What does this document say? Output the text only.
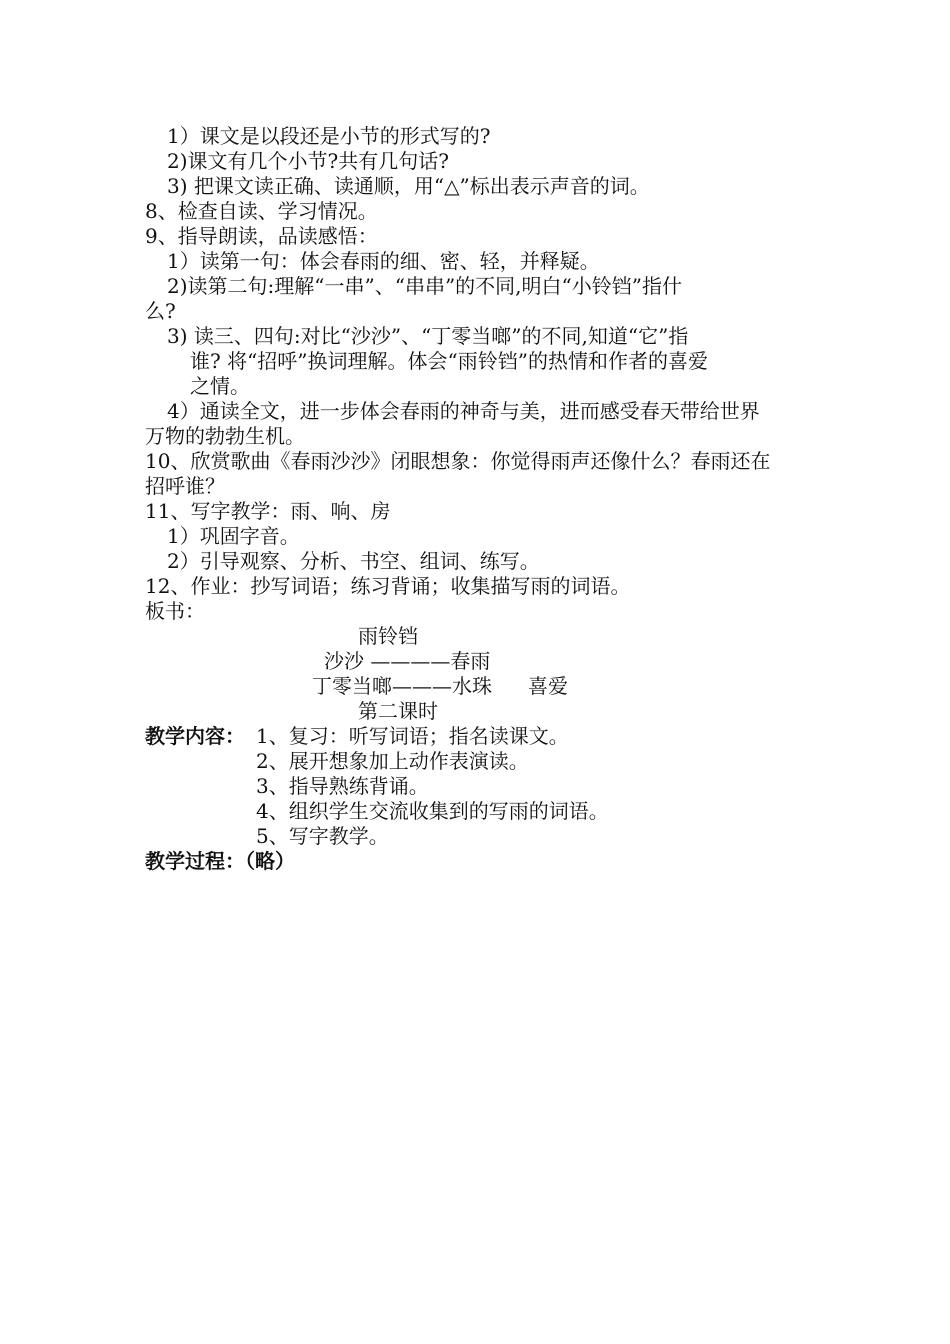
1）课文是以段还是小节的形式写的?
2)课文有几个小节?共有几句话?
3) 把课文读正确、读通顺，用“△”标出表示声音的词。
8、检查自读、学习情况。
9、指导朗读，品读感悟：
1）读第一句：体会春雨的细、密、轻，并释疑。
2)读第二句:理解“一串”、“串串”的不同,明白“小铃铛”指什
么?
3) 读三、四句:对比“沙沙”、“丁零当啷”的不同,知道“它”指
谁? 将“招呼”换词理解。体会“雨铃铛”的热情和作者的喜爱
之情。
4）通读全文，进一步体会春雨的神奇与美，进而感受春天带给世界
万物的勃勃生机。
10、欣赏歌曲《春雨沙沙》闭眼想象：你觉得雨声还像什么？春雨还在
招呼谁？
11、写字教学：雨、响、房
1）巩固字音。
2）引导观察、分析、书空、组词、练写。
12、作业：抄写词语；练习背诵；收集描写雨的词语。
板书：
雨铃铛
沙沙 ————春雨
丁零当啷———水珠 喜爱
第二课时
教学内容： 1、复习：听写词语；指名读课文。
2、展开想象加上动作表演读。
3、指导熟练背诵。
4、组织学生交流收集到的写雨的词语。
5、写字教学。
教学过程：（略）
